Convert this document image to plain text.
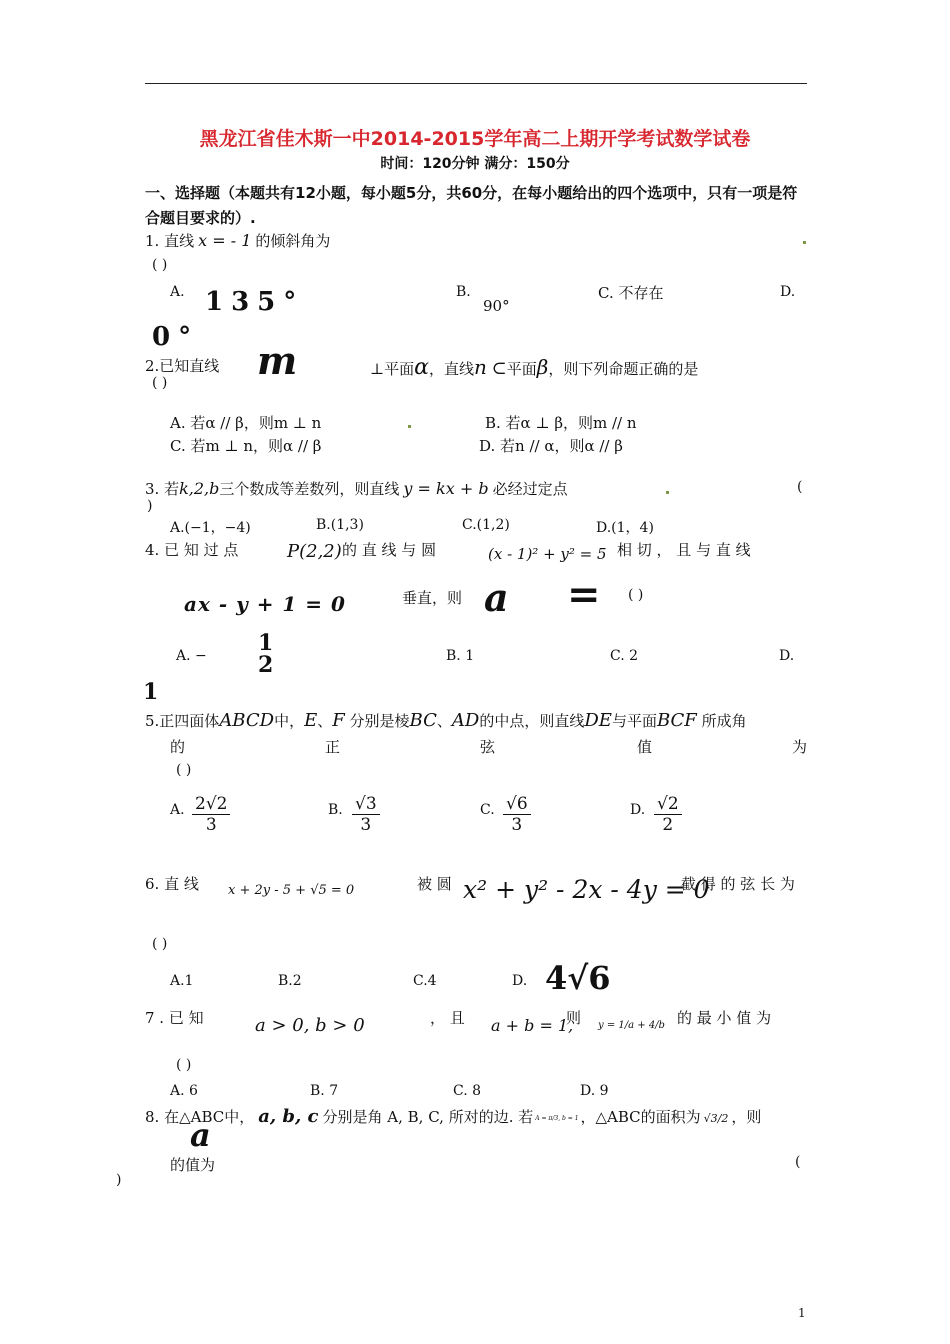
黑龙江省佳木斯一中2014-2015学年高二上期开学考试数学试卷
时间：120分钟 满分：150分
一、选择题（本题共有12小题，每小题5分，共60分，在每小题给出的四个选项中，只有一项是符合题目要求的）.
1. 直线 x = - 1 的倾斜角为
( )
A. 135°	B.
90°
C. 不存在	D.
0°
2.已知直线 m	⊥平面α，直线n ⊂平面β，则下列命题正确的是
( )
A. 若α // β，则m ⊥ n	B. 若α ⊥ β，则m // n
C. 若m ⊥ n，则α // β	D. 若n // α，则α // β
3. 若k,2,b三个数成等差数列，则直线 y = kx + b 必经过定点	(
)
A.(−1，−4)	B.(1,3)	C.(1,2)	D.(1，4)
4. 已 知 过 点	P(2,2) 的 直 线 与 圆	(x - 1)² + y² = 5 相 切 ， 且 与 直 线
ax - y + 1 = 0	垂直，则 a = ( )
A. − 1
2	B. 1	C. 2	D.
1
5.正四面体ABCD中，E、F 分别是棱BC、AD的中点，则直线DE与平面BCF 所成角
的	正	弦	值	为
( )
A. $\frac{2√2}{3}$	B. $\frac{√3}{3}$	C. $\frac{√6}{3}$	D. $\frac{√2}{2}$
6. 直 线 x + 2y - 5 + √5 = 0	被 圆 x² + y² - 2x - 4y = 0
截 得 的 弦 长 为
( )
A.1	B.2	C.4	D. 4√6
7 . 已 知	a > 0, b > 0	， 且 a + b = 1,
则 y = 1/a + 4/b 的 最 小 值 为
( )
A. 6	B. 7	C. 8	D. 9
8. 在△ABC中， a, b, c 分别是角 A, B, C, 所对的边. 若 A = π/3, b = 1 ，△ABC的面积为 √3/2 ，则
a
的值为	(
)
1
